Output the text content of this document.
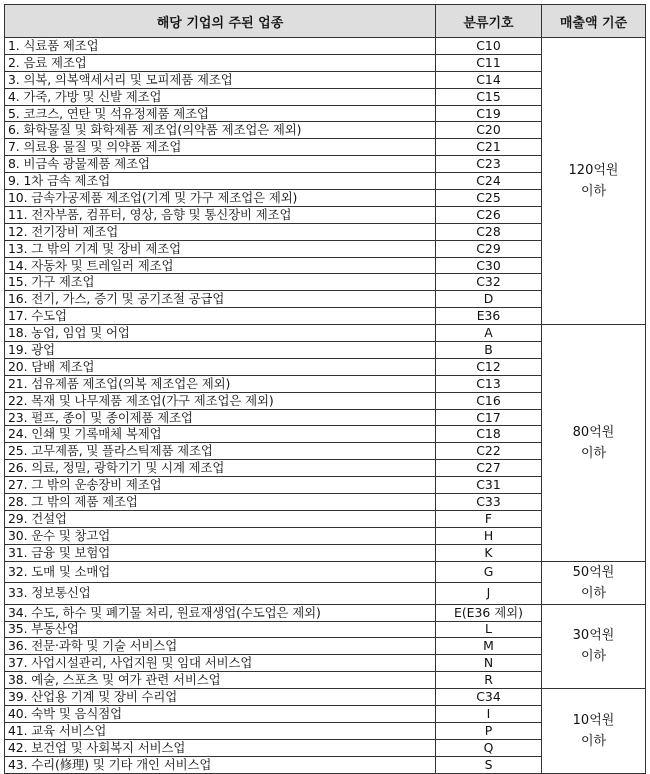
해당 기업의 주된 업종	분류기호	매출액 기준
1. 식료품 제조업	C10	120억원
이하
2. 음료 제조업	C11	
3. 의복, 의복액세서리 및 모피제품 제조업	C14	
4. 가죽, 가방 및 신발 제조업	C15	
5. 코크스, 연탄 및 석유정제품 제조업	C19	
6. 화학물질 및 화학제품 제조업(의약품 제조업은 제외)	C20	
7. 의료용 물질 및 의약품 제조업	C21	
8. 비금속 광물제품 제조업	C23	
9. 1차 금속 제조업	C24	
10. 금속가공제품 제조업(기계 및 가구 제조업은 제외)	C25	
11. 전자부품, 컴퓨터, 영상, 음향 및 통신장비 제조업	C26	
12. 전기장비 제조업	C28	
13. 그 밖의 기계 및 장비 제조업	C29	
14. 자동차 및 트레일러 제조업	C30	
15. 가구 제조업	C32	
16. 전기, 가스, 증기 및 공기조절 공급업	D	
17. 수도업	E36	
18. 농업, 임업 및 어업	A	80억원
이하
19. 광업	B	
20. 담배 제조업	C12	
21. 섬유제품 제조업(의복 제조업은 제외)	C13	
22. 목재 및 나무제품 제조업(가구 제조업은 제외)	C16	
23. 펄프, 종이 및 종이제품 제조업	C17	
24. 인쇄 및 기록매체 복제업	C18	
25. 고무제품, 및 플라스틱제품 제조업	C22	
26. 의료, 정밀, 광학기기 및 시계 제조업	C27	
27. 그 밖의 운송장비 제조업	C31	
28. 그 밖의 제품 제조업	C33	
29. 건설업	F	
30. 운수 및 창고업	H	
31. 금융 및 보험업	K	
32. 도매 및 소매업	G	50억원
이하
33. 정보통신업	J	
34. 수도, 하수 및 폐기물 처리, 원료재생업(수도업은 제외)	E(E36 제외)	30억원
이하
35. 부동산업	L	
36. 전문‧과학 및 기술 서비스업	M	
37. 사업시설관리, 사업지원 및 임대 서비스업	N	
38. 예술, 스포츠 및 여가 관련 서비스업	R	
39. 산업용 기계 및 장비 수리업	C34	10억원
이하
40. 숙박 및 음식점업	I	
41. 교육 서비스업	P	
42. 보건업 및 사회복지 서비스업	Q	
43. 수리(修理) 및 기타 개인 서비스업	S	
